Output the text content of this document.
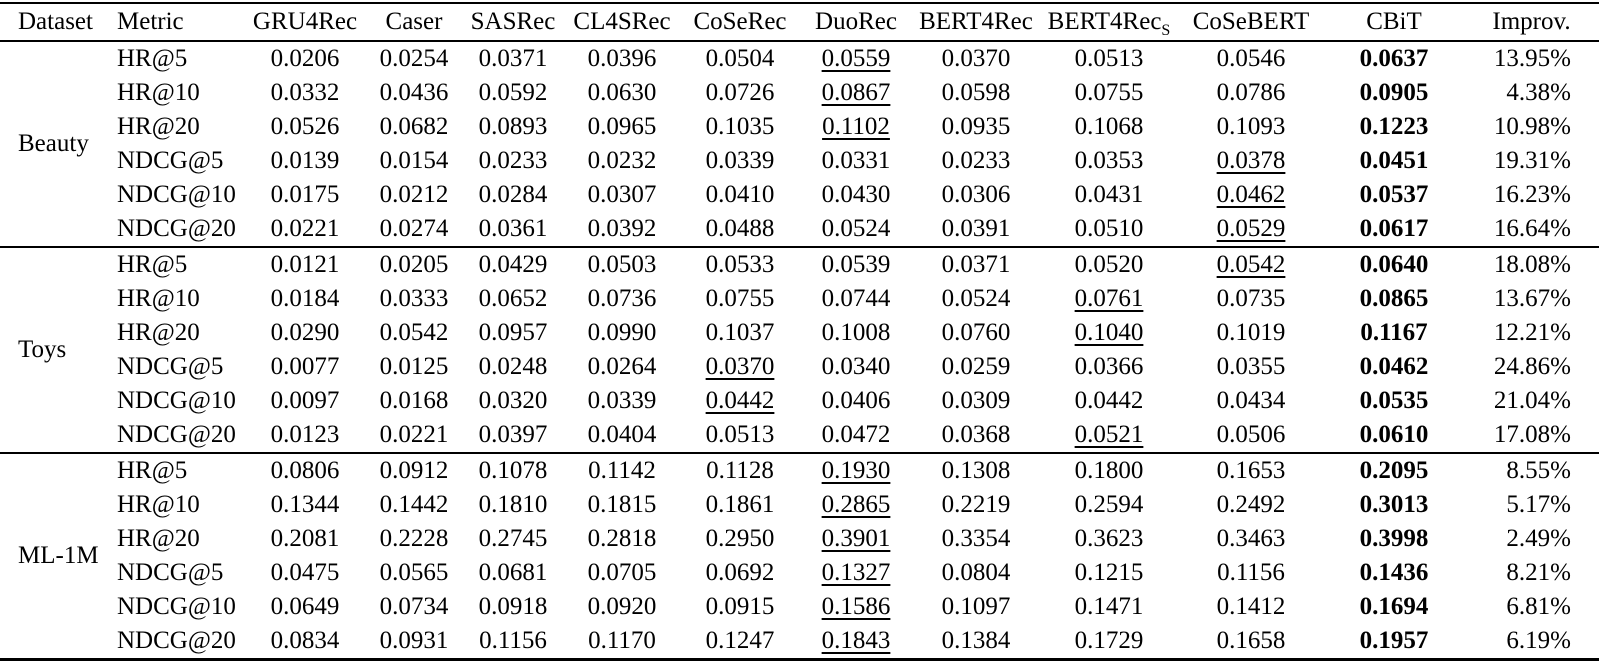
Dataset	Metric	GRU4Rec	Caser	SASRec	CL4SRec	CoSeRec	DuoRec	BERT4Rec	BERT4Rec$_S$	CoSeBERT	CBiT	Improv.
Beauty	HR@5	0.0206	0.0254	0.0371	0.0396	0.0504	0.0559	0.0370	0.0513	0.0546	0.0637	13.95%
	HR@10	0.0332	0.0436	0.0592	0.0630	0.0726	0.0867	0.0598	0.0755	0.0786	0.0905	4.38%
	HR@20	0.0526	0.0682	0.0893	0.0965	0.1035	0.1102	0.0935	0.1068	0.1093	0.1223	10.98%
	NDCG@5	0.0139	0.0154	0.0233	0.0232	0.0339	0.0331	0.0233	0.0353	0.0378	0.0451	19.31%
	NDCG@10	0.0175	0.0212	0.0284	0.0307	0.0410	0.0430	0.0306	0.0431	0.0462	0.0537	16.23%
	NDCG@20	0.0221	0.0274	0.0361	0.0392	0.0488	0.0524	0.0391	0.0510	0.0529	0.0617	16.64%
Toys	HR@5	0.0121	0.0205	0.0429	0.0503	0.0533	0.0539	0.0371	0.0520	0.0542	0.0640	18.08%
	HR@10	0.0184	0.0333	0.0652	0.0736	0.0755	0.0744	0.0524	0.0761	0.0735	0.0865	13.67%
	HR@20	0.0290	0.0542	0.0957	0.0990	0.1037	0.1008	0.0760	0.1040	0.1019	0.1167	12.21%
	NDCG@5	0.0077	0.0125	0.0248	0.0264	0.0370	0.0340	0.0259	0.0366	0.0355	0.0462	24.86%
	NDCG@10	0.0097	0.0168	0.0320	0.0339	0.0442	0.0406	0.0309	0.0442	0.0434	0.0535	21.04%
	NDCG@20	0.0123	0.0221	0.0397	0.0404	0.0513	0.0472	0.0368	0.0521	0.0506	0.0610	17.08%
ML-1M	HR@5	0.0806	0.0912	0.1078	0.1142	0.1128	0.1930	0.1308	0.1800	0.1653	0.2095	8.55%
	HR@10	0.1344	0.1442	0.1810	0.1815	0.1861	0.2865	0.2219	0.2594	0.2492	0.3013	5.17%
	HR@20	0.2081	0.2228	0.2745	0.2818	0.2950	0.3901	0.3354	0.3623	0.3463	0.3998	2.49%
	NDCG@5	0.0475	0.0565	0.0681	0.0705	0.0692	0.1327	0.0804	0.1215	0.1156	0.1436	8.21%
	NDCG@10	0.0649	0.0734	0.0918	0.0920	0.0915	0.1586	0.1097	0.1471	0.1412	0.1694	6.81%
	NDCG@20	0.0834	0.0931	0.1156	0.1170	0.1247	0.1843	0.1384	0.1729	0.1658	0.1957	6.19%
